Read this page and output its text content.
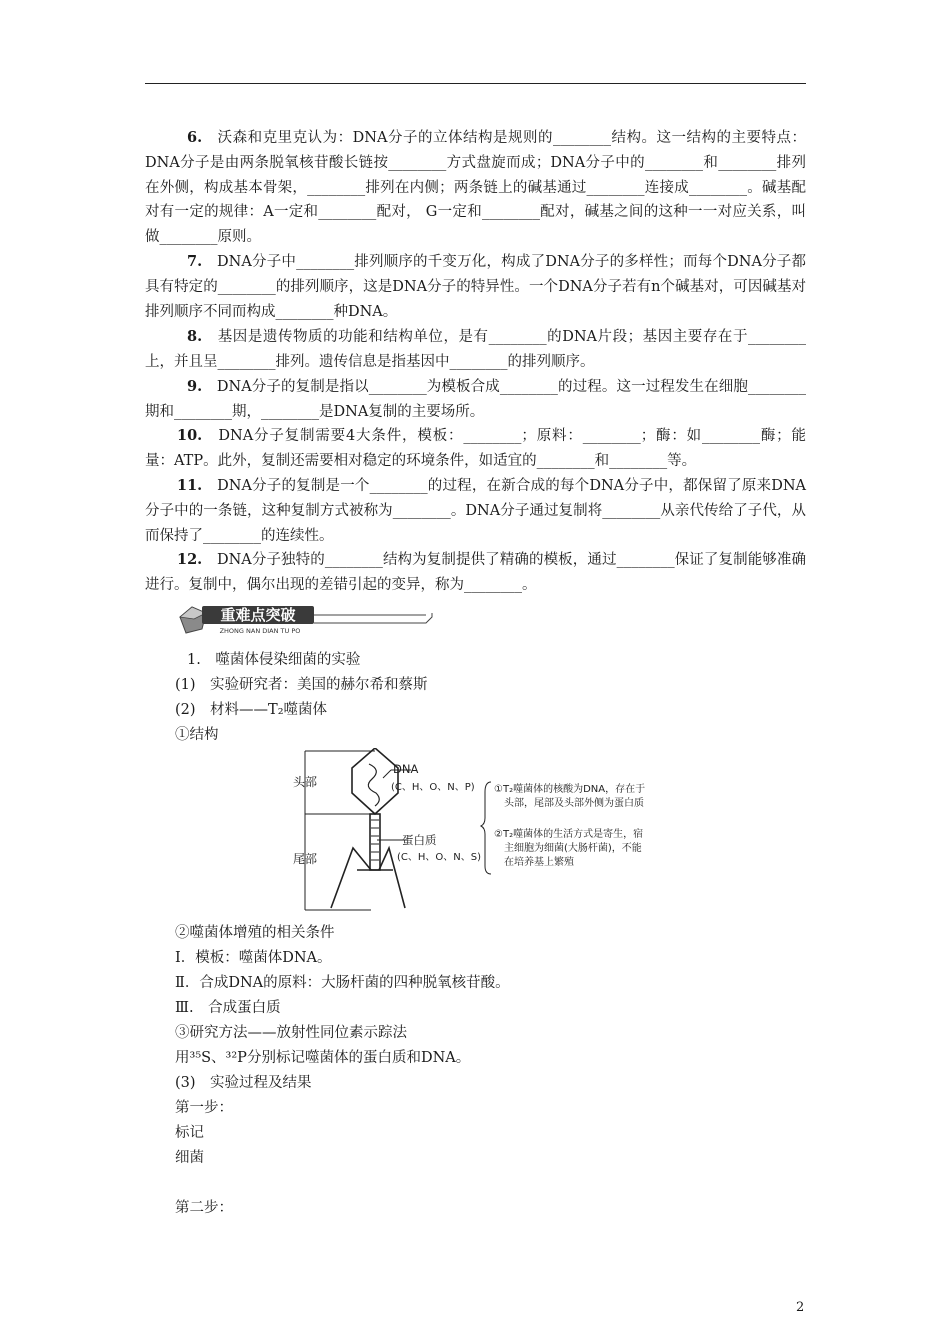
6.　 沃森和克里克认为：DNA分子的立体结构是规则的________结构。这一结构的主要特点：DNA分子是由两条脱氧核苷酸长链按________方式盘旋而成；DNA分子中的________和________排列在外侧，构成基本骨架，________排列在内侧；两条链上的碱基通过________连接成________。碱基配对有一定的规律：A一定和________配对， G一定和________配对，碱基之间的这种一一对应关系，叫做________原则。
7.　 DNA分子中________排列顺序的千变万化，构成了DNA分子的多样性；而每个DNA分子都具有特定的________的排列顺序，这是DNA分子的特异性。一个DNA分子若有n个碱基对，可因碱基对排列顺序不同而构成________种DNA。
8.　 基因是遗传物质的功能和结构单位，是有________的DNA片段；基因主要存在于________上，并且呈________排列。遗传信息是指基因中________的排列顺序。
9.　 DNA分子的复制是指以________为模板合成________的过程。这一过程发生在细胞________期和________期，________是DNA复制的主要场所。
10.　 DNA分子复制需要4大条件，模板：________；原料：________；酶：如________酶；能量：ATP。此外，复制还需要相对稳定的环境条件，如适宜的________和________等。
11.　 DNA分子的复制是一个________的过程，在新合成的每个DNA分子中，都保留了原来DNA分子中的一条链，这种复制方式被称为________。DNA分子通过复制将________从亲代传给了子代，从而保持了________的连续性。
12.　 DNA分子独特的________结构为复制提供了精确的模板，通过________保证了复制能够准确进行。复制中，偶尔出现的差错引起的变异，称为________。
重难点突破
ZHONG NAN DIAN TU PO
1.　噬菌体侵染细菌的实验
(1)　实验研究者：美国的赫尔希和蔡斯
(2)　材料——T₂噬菌体
①结构
头部
尾部
DNA
(C、H、O、N、P)
蛋白质
(C、H、O、N、S)
①T₂噬菌体的核酸为DNA，存在于
头部，尾部及头部外侧为蛋白质
②T₂噬菌体的生活方式是寄生，宿
主细胞为细菌(大肠杆菌)，不能
在培养基上繁殖
②噬菌体增殖的相关条件
Ⅰ．模板：噬菌体DNA。
Ⅱ．合成DNA的原料：大肠杆菌的四种脱氧核苷酸。
Ⅲ.　合成蛋白质
③研究方法——放射性同位素示踪法
用³⁵S、³²P分别标记噬菌体的蛋白质和DNA。
(3)　实验过程及结果
第一步：
标记
细菌
第二步：
2
